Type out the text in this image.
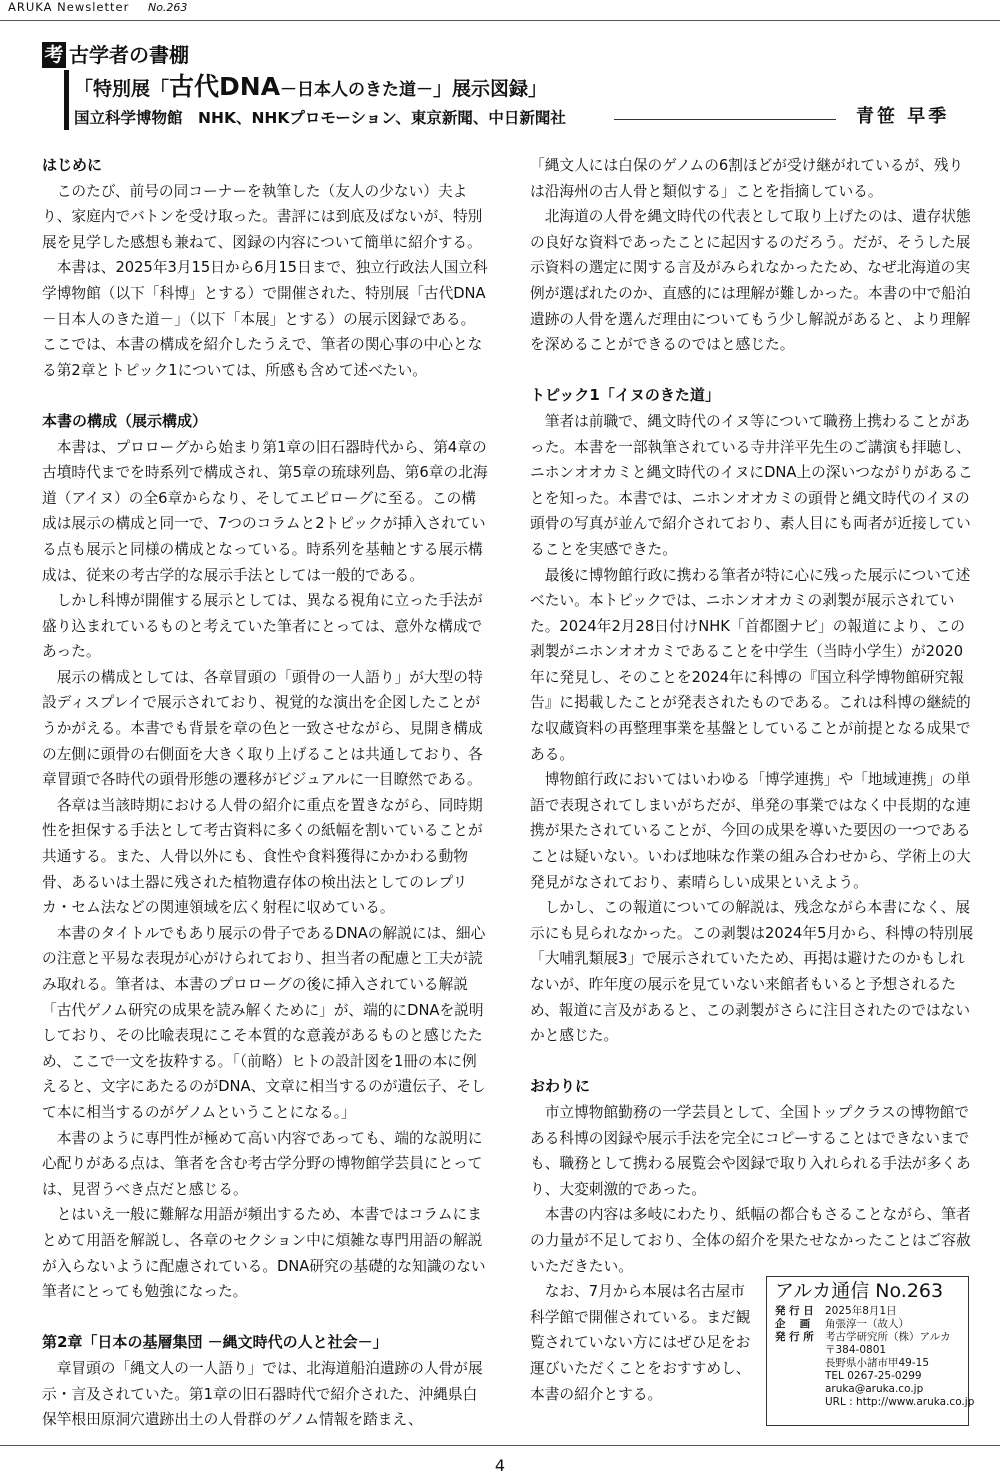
ARUKA Newsletter No.263
考 古学者の書棚
「特別展「古代DNA－日本人のきた道－」展示図録」
国立科学博物館　NHK、NHKプロモーション、東京新聞、中日新聞社	青笹 早季
はじめに

このたび、前号の同コーナーを執筆した（友人の少ない）夫より、家庭内でバトンを受け取った。書評には到底及ばないが、特別展を見学した感想も兼ねて、図録の内容について簡単に紹介する。

本書は、2025年3月15日から6月15日まで、独立行政法人国立科学博物館（以下「科博」とする）で開催された、特別展「古代DNA－日本人のきた道－」（以下「本展」とする）の展示図録である。ここでは、本書の構成を紹介したうえで、筆者の関心事の中心となる第2章とトピック1については、所感も含めて述べたい。

本書の構成（展示構成）

本書は、プロローグから始まり第1章の旧石器時代から、第4章の古墳時代までを時系列で構成され、第5章の琉球列島、第6章の北海道（アイヌ）の全6章からなり、そしてエピローグに至る。この構成は展示の構成と同一で、7つのコラムと2トピックが挿入されている点も展示と同様の構成となっている。時系列を基軸とする展示構成は、従来の考古学的な展示手法としては一般的である。

しかし科博が開催する展示としては、異なる視角に立った手法が盛り込まれているものと考えていた筆者にとっては、意外な構成であった。

展示の構成としては、各章冒頭の「頭骨の一人語り」が大型の特設ディスプレイで展示されており、視覚的な演出を企図したことがうかがえる。本書でも背景を章の色と一致させながら、見開き構成の左側に頭骨の右側面を大きく取り上げることは共通しており、各章冒頭で各時代の頭骨形態の遷移がビジュアルに一目瞭然である。

各章は当該時期における人骨の紹介に重点を置きながら、同時期性を担保する手法として考古資料に多くの紙幅を割いていることが共通する。また、人骨以外にも、食性や食料獲得にかかわる動物骨、あるいは土器に残された植物遺存体の検出法としてのレプリカ・セム法などの関連領域を広く射程に収めている。

本書のタイトルでもあり展示の骨子であるDNAの解説には、細心の注意と平易な表現が心がけられており、担当者の配慮と工夫が読み取れる。筆者は、本書のプロローグの後に挿入されている解説「古代ゲノム研究の成果を読み解くために」が、端的にDNAを説明しており、その比喩表現にこそ本質的な意義があるものと感じたため、ここで一文を抜粋する。「（前略）ヒトの設計図を1冊の本に例えると、文字にあたるのがDNA、文章に相当するのが遺伝子、そして本に相当するのがゲノムということになる。」

本書のように専門性が極めて高い内容であっても、端的な説明に心配りがある点は、筆者を含む考古学分野の博物館学芸員にとっては、見習うべき点だと感じる。

とはいえ一般に難解な用語が頻出するため、本書ではコラムにまとめて用語を解説し、各章のセクション中に煩雑な専門用語の解説が入らないように配慮されている。DNA研究の基礎的な知識のない筆者にとっても勉強になった。

第2章「日本の基層集団 －縄文時代の人と社会－」

章冒頭の「縄文人の一人語り」では、北海道船泊遺跡の人骨が展示・言及されていた。第1章の旧石器時代で紹介された、沖縄県白保竿根田原洞穴遺跡出土の人骨群のゲノム情報を踏まえ、

「縄文人には白保のゲノムの6割ほどが受け継がれているが、残りは沿海州の古人骨と類似する」ことを指摘している。

北海道の人骨を縄文時代の代表として取り上げたのは、遺存状態の良好な資料であったことに起因するのだろう。だが、そうした展示資料の選定に関する言及がみられなかったため、なぜ北海道の実例が選ばれたのか、直感的には理解が難しかった。本書の中で船泊遺跡の人骨を選んだ理由についてもう少し解説があると、より理解を深めることができるのではと感じた。

トピック1「イヌのきた道」

筆者は前職で、縄文時代のイヌ等について職務上携わることがあった。本書を一部執筆されている寺井洋平先生のご講演も拝聴し、ニホンオオカミと縄文時代のイヌにDNA上の深いつながりがあることを知った。本書では、ニホンオオカミの頭骨と縄文時代のイヌの頭骨の写真が並んで紹介されており、素人目にも両者が近接していることを実感できた。

最後に博物館行政に携わる筆者が特に心に残った展示について述べたい。本トピックでは、ニホンオオカミの剥製が展示されていた。2024年2月28日付けNHK「首都圏ナビ」の報道により、この剥製がニホンオオカミであることを中学生（当時小学生）が2020年に発見し、そのことを2024年に科博の『国立科学博物館研究報告』に掲載したことが発表されたものである。これは科博の継続的な収蔵資料の再整理事業を基盤としていることが前提となる成果である。

博物館行政においてはいわゆる「博学連携」や「地域連携」の単語で表現されてしまいがちだが、単発の事業ではなく中長期的な連携が果たされていることが、今回の成果を導いた要因の一つであることは疑いない。いわば地味な作業の組み合わせから、学術上の大発見がなされており、素晴らしい成果といえよう。

しかし、この報道についての解説は、残念ながら本書になく、展示にも見られなかった。この剥製は2024年5月から、科博の特別展「大哺乳類展3」で展示されていたため、再掲は避けたのかもしれないが、昨年度の展示を見ていない来館者もいると予想されるため、報道に言及があると、この剥製がさらに注目されたのではないかと感じた。

おわりに

市立博物館勤務の一学芸員として、全国トップクラスの博物館である科博の図録や展示手法を完全にコピーすることはできないまでも、職務として携わる展覧会や図録で取り入れられる手法が多くあり、大変刺激的であった。

本書の内容は多岐にわたり、紙幅の都合もさることながら、筆者の力量が不足しており、全体の紹介を果たせなかったことはご容赦いただきたい。

なお、7月から本展は名古屋市科学館で開催されている。まだ観覧されていない方にはぜひ足をお運びいただくことをおすすめし、本書の紹介とする。

アルカ通信 No.263
発 行 日	2025年8月1日
企　 画	角張淳一（故人）
発 行 所	考古学研究所（株）アルカ
〒384-0801
長野県小諸市甲49-15
TEL 0267-25-0299
aruka@aruka.co.jp
URL : http://www.aruka.co.jp
4
